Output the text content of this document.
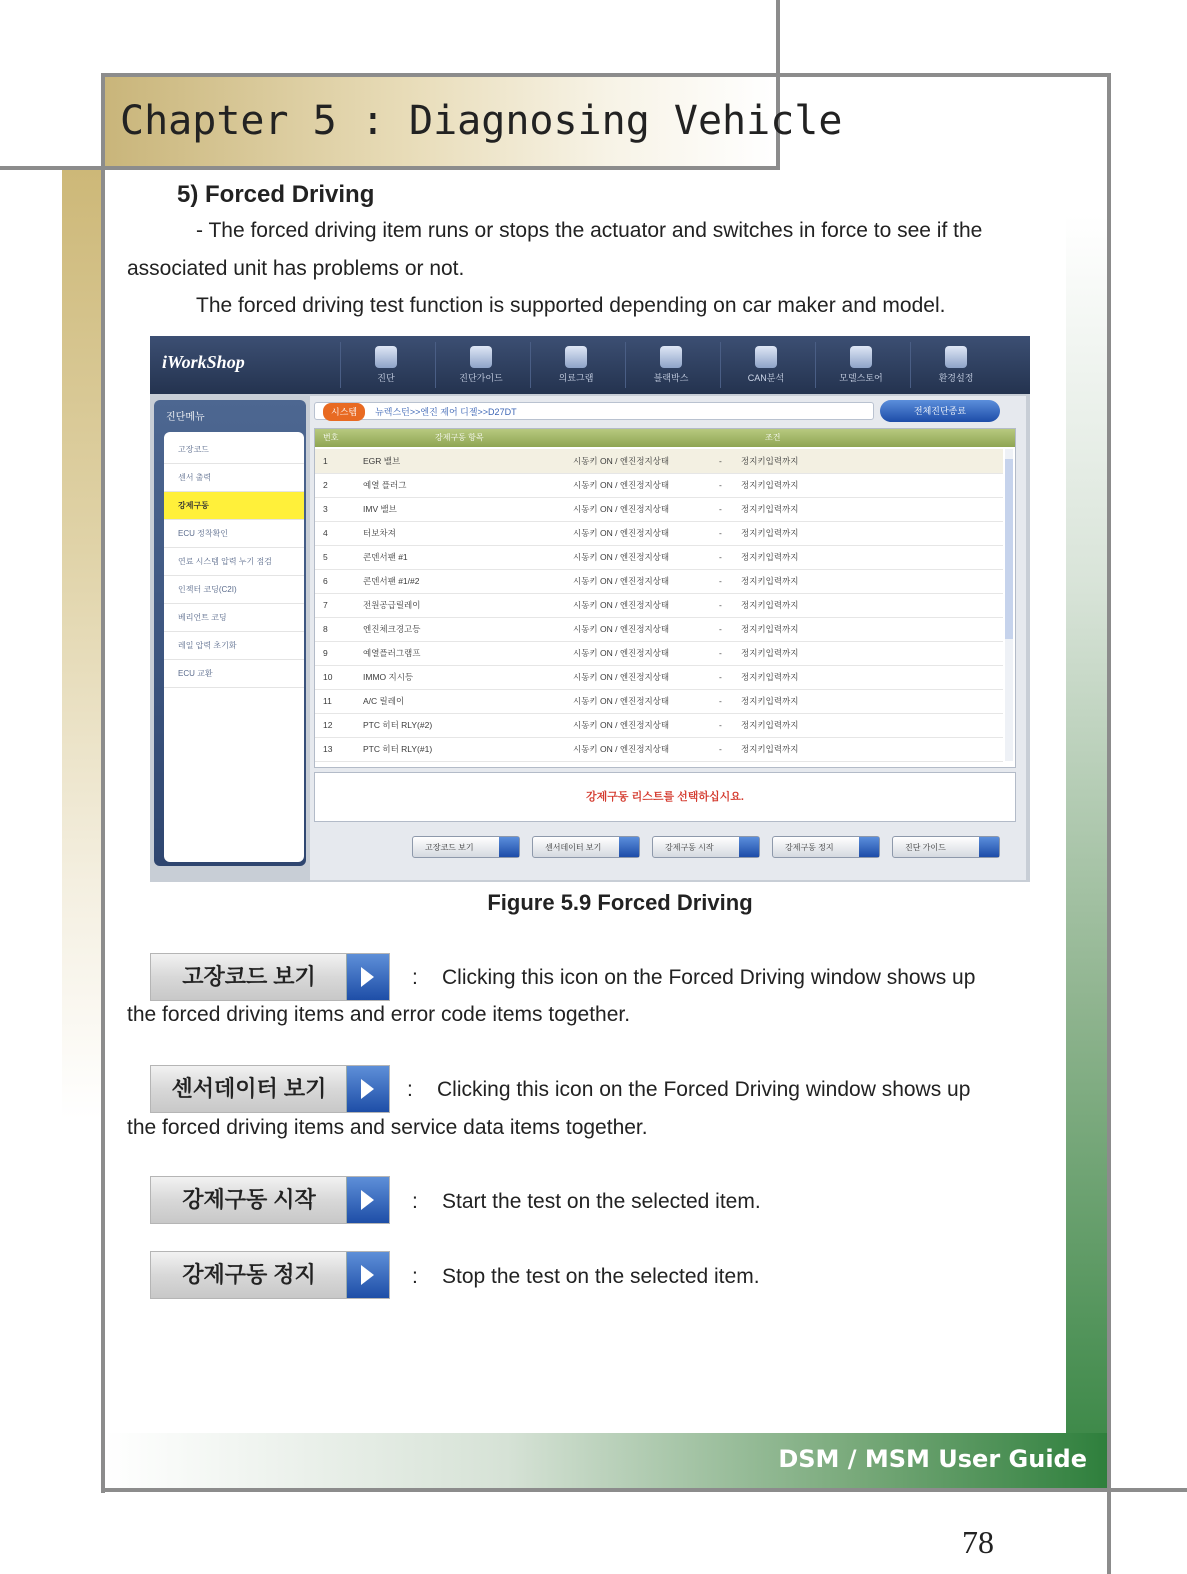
Chapter 5 : Diagnosing Vehicle
DSM / MSM User Guide
78
5) Forced Driving
- The forced driving item runs or stops the actuator and switches in force to see if the
associated unit has problems or not.
The forced driving test function is supported depending on car maker and model.
iWorkShop
진단	진단가이드	의료그램	블랙박스	CAN분석	모델스토어	환경설정
진단메뉴
고장코드
센서 출력
강제구동
ECU 정착확인
연료 시스템 압력 누기 점검
인젝터 코딩(C2I)
베리언트 코딩
레일 압력 초기화
ECU 교환
시스템 뉴렉스턴>>엔진 제어 디젤>>D27DT	전체진단종료
번호	강제구동 항목	조건
1	EGR 밸브	시동키 ON / 엔진정지상태	- 정지키입력까지
2	예열 플러그	시동키 ON / 엔진정지상태	- 정지키입력까지
3	IMV 밸브	시동키 ON / 엔진정지상태	- 정지키입력까지
4	터보차져	시동키 ON / 엔진정지상태	- 정지키입력까지
5	콘덴서팬 #1	시동키 ON / 엔진정지상태	- 정지키입력까지
6	콘덴서팬 #1/#2	시동키 ON / 엔진정지상태	- 정지키입력까지
7	전원공급릴레이	시동키 ON / 엔진정지상태	- 정지키입력까지
8	엔진체크경고등	시동키 ON / 엔진정지상태	- 정지키입력까지
9	예열플러그램프	시동키 ON / 엔진정지상태	- 정지키입력까지
10	IMMO 지시등	시동키 ON / 엔진정지상태	- 정지키입력까지
11	A/C 릴레이	시동키 ON / 엔진정지상태	- 정지키입력까지
12	PTC 히터 RLY(#2)	시동키 ON / 엔진정지상태	- 정지키입력까지
13	PTC 히터 RLY(#1)	시동키 ON / 엔진정지상태	- 정지키입력까지
강제구동 리스트를 선택하십시요.
고장코드 보기	센서데이터 보기	강제구동 시작	강제구동 정지	진단 가이드
Figure 5.9 Forced Driving
고장코드 보기	: Clicking this icon on the Forced Driving window shows up
the forced driving items and error code items together.
센서데이터 보기	: Clicking this icon on the Forced Driving window shows up
the forced driving items and service data items together.
강제구동 시작	: Start the test on the selected item.
강제구동 정지	: Stop the test on the selected item.
